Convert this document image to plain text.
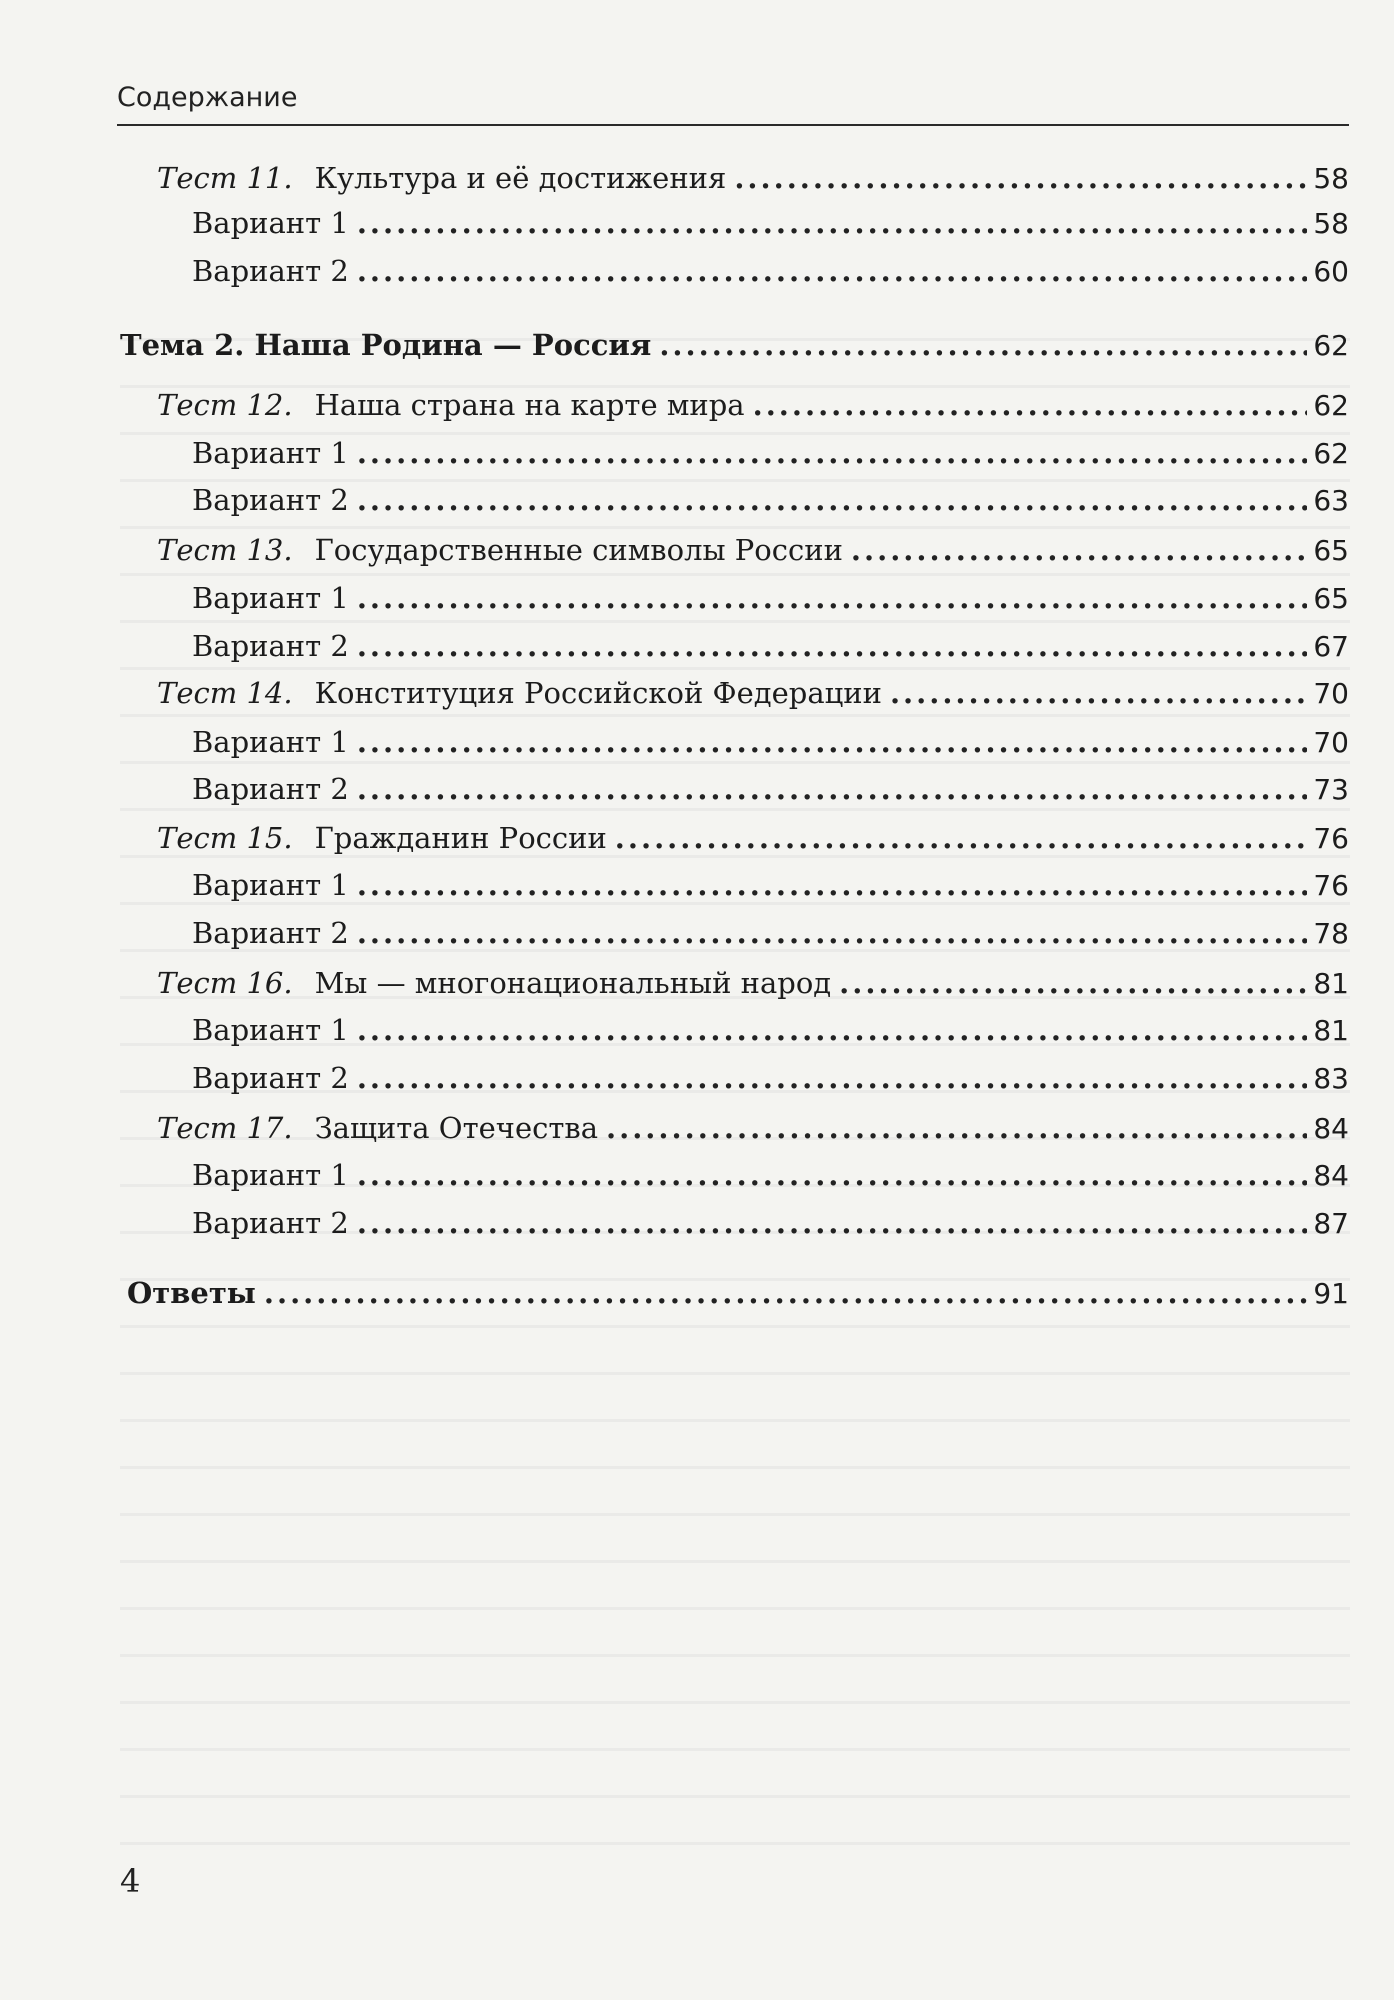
Содержание
Тест 11. Культура и её достижения .....	58
Вариант 1 .....	58
Вариант 2 .....	60
Тема 2. Наша Родина — Россия .....	62
Тест 12. Наша страна на карте мира .....	62
Вариант 1 .....	62
Вариант 2 .....	63
Тест 13. Государственные символы России .....	65
Вариант 1 .....	65
Вариант 2 .....	67
Тест 14. Конституция Российской Федерации .....	70
Вариант 1 .....	70
Вариант 2 .....	73
Тест 15. Гражданин России .....	76
Вариант 1 .....	76
Вариант 2 .....	78
Тест 16. Мы — многонациональный народ .....	81
Вариант 1 .....	81
Вариант 2 .....	83
Тест 17. Защита Отечества .....	84
Вариант 1 .....	84
Вариант 2 .....	87
Ответы .....	91
4
